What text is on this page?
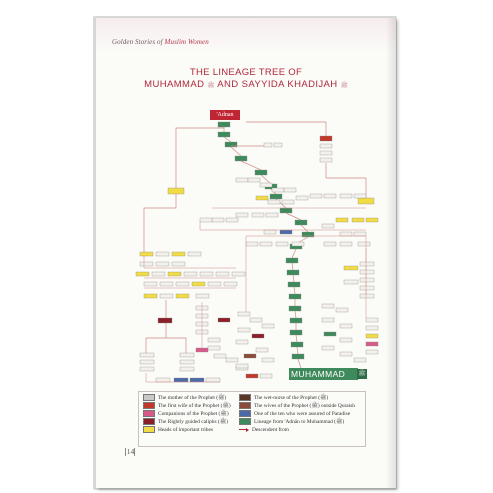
Golden Stories of Muslim Women
THE LINEAGE TREE OF
MUHAMMAD ﷺ AND SAYYIDA KHADIJAH ﷺ
'Adnan
MUHAMMAD ﷺ
The mother of the Prophet (ﷺ)
The first wife of the Prophet (ﷺ)
Companions of the Prophet (ﷺ)
The Rightly guided caliphs (ﷺ)
Heads of important tribes
The wet-nurse of the Prophet (ﷺ)
The wives of the Prophet (ﷺ) outside Quraish
One of the ten who were assured of Paradise
Lineage from 'Adnān to Muhammad (ﷺ)
Descendent from
14
